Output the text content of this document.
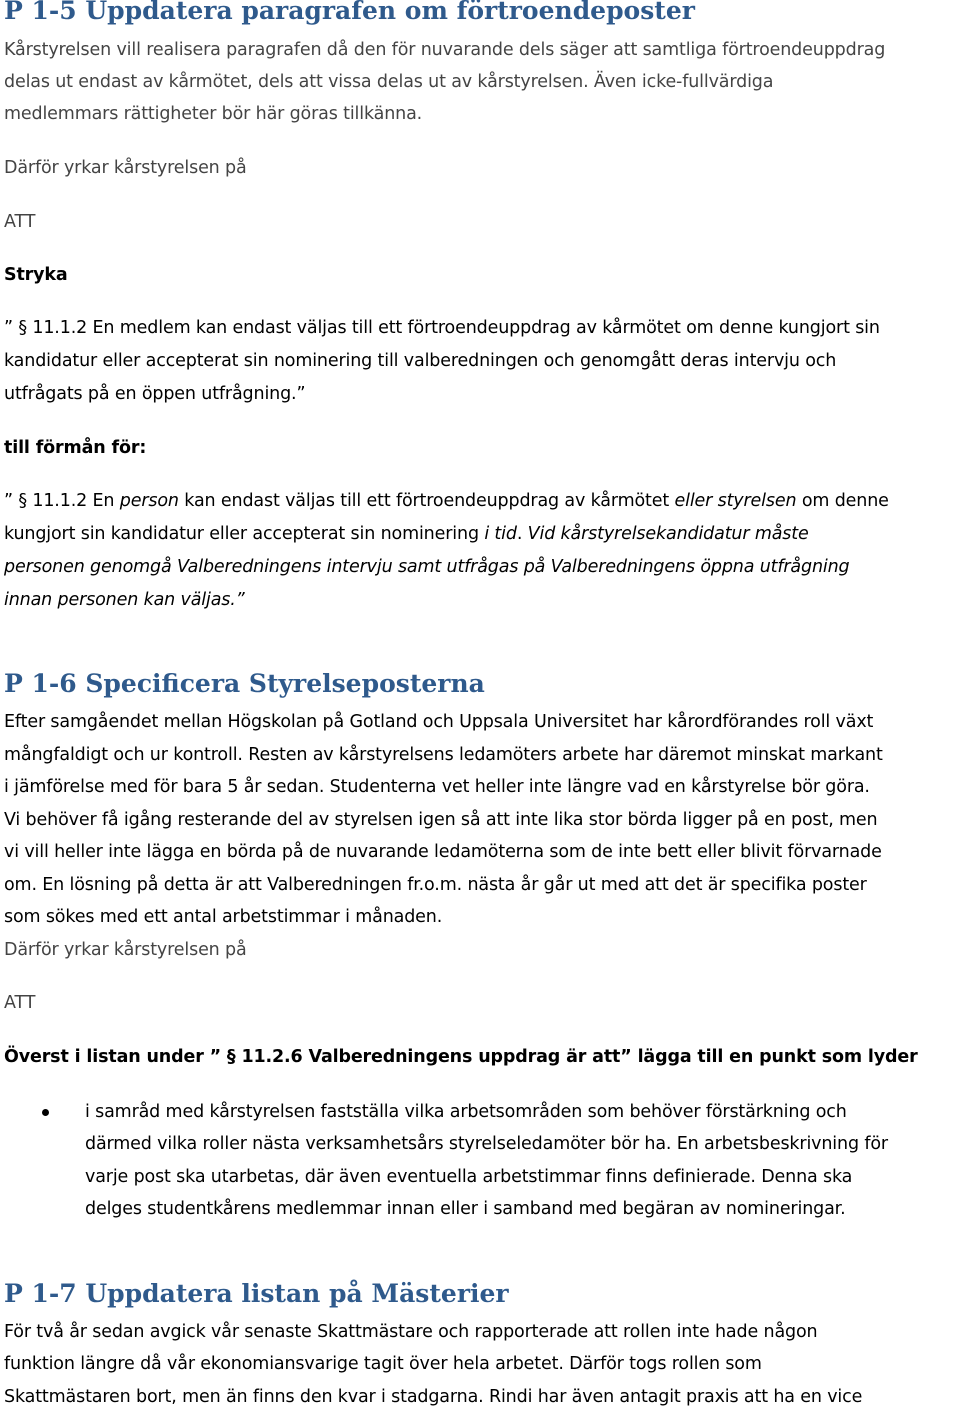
P 1-5 Uppdatera paragrafen om förtroendeposter

Kårstyrelsen vill realisera paragrafen då den för nuvarande dels säger att samtliga förtroendeuppdrag

delas ut endast av kårmötet, dels att vissa delas ut av kårstyrelsen. Även icke-fullvärdiga

medlemmars rättigheter bör här göras tillkänna.

Därför yrkar kårstyrelsen på

ATT

Stryka

” § 11.1.2 En medlem kan endast väljas till ett förtroendeuppdrag av kårmötet om denne kungjort sin

kandidatur eller accepterat sin nominering till valberedningen och genomgått deras intervju och

utfrågats på en öppen utfrågning.”

till förmån för:

” § 11.1.2 En person kan endast väljas till ett förtroendeuppdrag av kårmötet eller styrelsen om denne

kungjort sin kandidatur eller accepterat sin nominering i tid. Vid kårstyrelsekandidatur måste

personen genomgå Valberedningens intervju samt utfrågas på Valberedningens öppna utfrågning

innan personen kan väljas.”

P 1-6 Specificera Styrelseposterna

Efter samgåendet mellan Högskolan på Gotland och Uppsala Universitet har kårordförandes roll växt

mångfaldigt och ur kontroll. Resten av kårstyrelsens ledamöters arbete har däremot minskat markant

i jämförelse med för bara 5 år sedan. Studenterna vet heller inte längre vad en kårstyrelse bör göra.

Vi behöver få igång resterande del av styrelsen igen så att inte lika stor börda ligger på en post, men

vi vill heller inte lägga en börda på de nuvarande ledamöterna som de inte bett eller blivit förvarnade

om. En lösning på detta är att Valberedningen fr.o.m. nästa år går ut med att det är specifika poster

som sökes med ett antal arbetstimmar i månaden.

Därför yrkar kårstyrelsen på

ATT

Överst i listan under ” § 11.2.6 Valberedningens uppdrag är att” lägga till en punkt som lyder

i samråd med kårstyrelsen fastställa vilka arbetsområden som behöver förstärkning och

därmed vilka roller nästa verksamhetsårs styrelseledamöter bör ha. En arbetsbeskrivning för

varje post ska utarbetas, där även eventuella arbetstimmar finns definierade. Denna ska

delges studentkårens medlemmar innan eller i samband med begäran av nomineringar.

P 1-7 Uppdatera listan på Mästerier

För två år sedan avgick vår senaste Skattmästare och rapporterade att rollen inte hade någon

funktion längre då vår ekonomiansvarige tagit över hela arbetet. Därför togs rollen som

Skattmästaren bort, men än finns den kvar i stadgarna. Rindi har även antagit praxis att ha en vice
